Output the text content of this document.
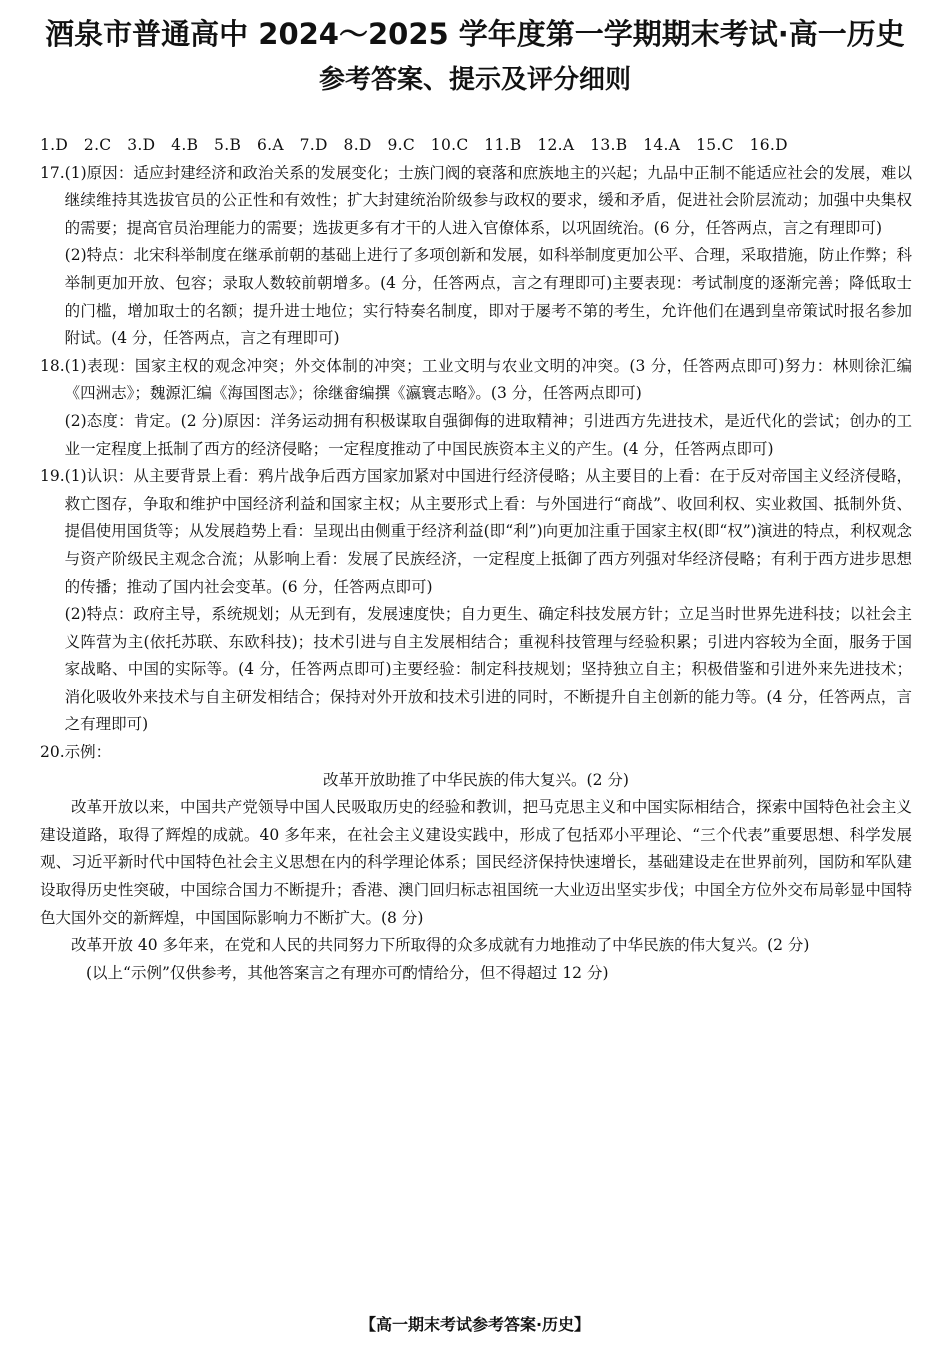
酒泉市普通高中 2024～2025 学年度第一学期期末考试·高一历史
参考答案、提示及评分细则
1.D　2.C　3.D　4.B　5.B　6.A　7.D　8.D　9.C　10.C　11.B　12.A　13.B　14.A　15.C　16.D
17. (1)原因：适应封建经济和政治关系的发展变化；士族门阀的衰落和庶族地主的兴起；九品中正制不能适应社会的发展，难以继续维持其选拔官员的公正性和有效性；扩大封建统治阶级参与政权的要求，缓和矛盾，促进社会阶层流动；加强中央集权的需要；提高官员治理能力的需要；选拔更多有才干的人进入官僚体系，以巩固统治。(6 分，任答两点，言之有理即可)
(2)特点：北宋科举制度在继承前朝的基础上进行了多项创新和发展，如科举制度更加公平、合理，采取措施，防止作弊；科举制更加开放、包容；录取人数较前朝增多。(4 分，任答两点，言之有理即可)主要表现：考试制度的逐渐完善；降低取士的门槛，增加取士的名额；提升进士地位；实行特奏名制度，即对于屡考不第的考生，允许他们在遇到皇帝策试时报名参加附试。(4 分，任答两点，言之有理即可)
18. (1)表现：国家主权的观念冲突；外交体制的冲突；工业文明与农业文明的冲突。(3 分，任答两点即可)努力：林则徐汇编《四洲志》；魏源汇编《海国图志》；徐继畲编撰《瀛寰志略》。(3 分，任答两点即可)
(2)态度：肯定。(2 分)原因：洋务运动拥有积极谋取自强御侮的进取精神；引进西方先进技术，是近代化的尝试；创办的工业一定程度上抵制了西方的经济侵略；一定程度推动了中国民族资本主义的产生。(4 分，任答两点即可)
19. (1)认识：从主要背景上看：鸦片战争后西方国家加紧对中国进行经济侵略；从主要目的上看：在于反对帝国主义经济侵略，救亡图存，争取和维护中国经济利益和国家主权；从主要形式上看：与外国进行“商战”、收回利权、实业救国、抵制外货、提倡使用国货等；从发展趋势上看：呈现出由侧重于经济利益(即“利”)向更加注重于国家主权(即“权”)演进的特点，利权观念与资产阶级民主观念合流；从影响上看：发展了民族经济，一定程度上抵御了西方列强对华经济侵略；有利于西方进步思想的传播；推动了国内社会变革。(6 分，任答两点即可)
(2)特点：政府主导，系统规划；从无到有，发展速度快；自力更生、确定科技发展方针；立足当时世界先进科技；以社会主义阵营为主(依托苏联、东欧科技)；技术引进与自主发展相结合；重视科技管理与经验积累；引进内容较为全面，服务于国家战略、中国的实际等。(4 分，任答两点即可)主要经验：制定科技规划；坚持独立自主；积极借鉴和引进外来先进技术；消化吸收外来技术与自主研发相结合；保持对外开放和技术引进的同时，不断提升自主创新的能力等。(4 分，任答两点，言之有理即可)
20.示例：
改革开放助推了中华民族的伟大复兴。(2 分)
改革开放以来，中国共产党领导中国人民吸取历史的经验和教训，把马克思主义和中国实际相结合，探索中国特色社会主义建设道路，取得了辉煌的成就。40 多年来，在社会主义建设实践中，形成了包括邓小平理论、“三个代表”重要思想、科学发展观、习近平新时代中国特色社会主义思想在内的科学理论体系；国民经济保持快速增长，基础建设走在世界前列，国防和军队建设取得历史性突破，中国综合国力不断提升；香港、澳门回归标志祖国统一大业迈出坚实步伐；中国全方位外交布局彰显中国特色大国外交的新辉煌，中国国际影响力不断扩大。(8 分)
改革开放 40 多年来，在党和人民的共同努力下所取得的众多成就有力地推动了中华民族的伟大复兴。(2 分)
(以上“示例”仅供参考，其他答案言之有理亦可酌情给分，但不得超过 12 分)
【高一期末考试参考答案·历史】
